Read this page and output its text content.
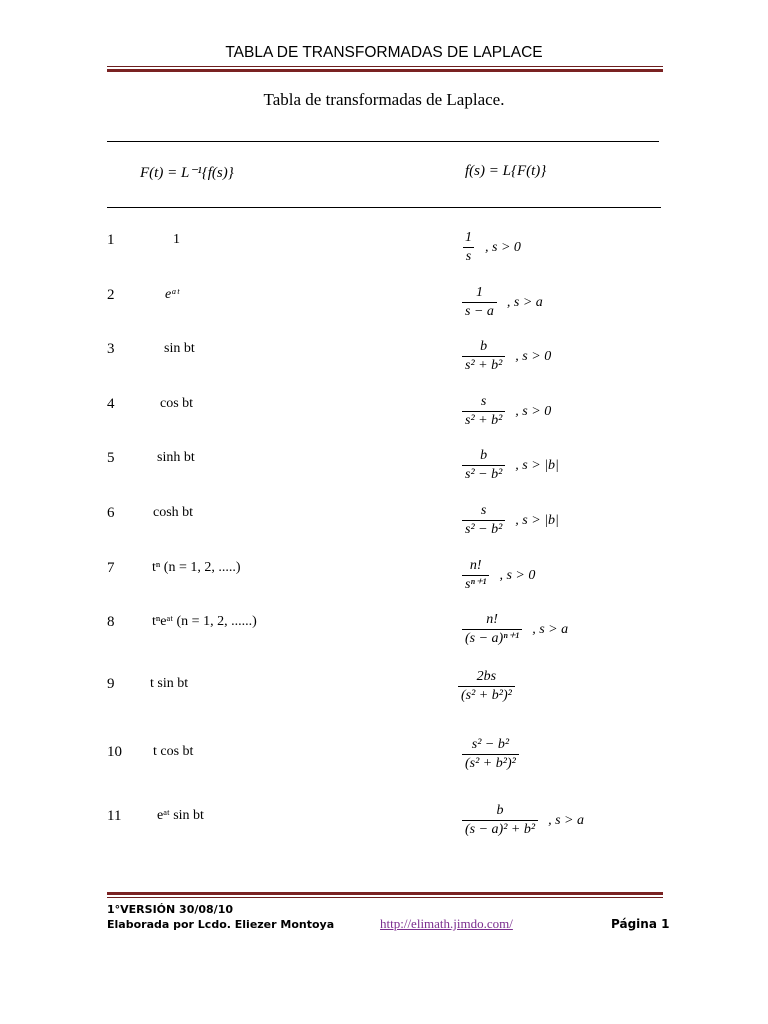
TABLA DE TRANSFORMADAS DE LAPLACE
Tabla de transformadas de Laplace.
F(t) = L⁻¹{f(s)}	f(s) = L{F(t)}
1	1	$\frac{1}{s}$ , s > 0
2	eᵃᵗ	$\frac{1}{s - a}$ , s > a
3	sin bt	$\frac{b}{\text{s² + b²}}$ , s > 0
4	cos bt	$\frac{s}{\text{s² + b²}}$ , s > 0
5	sinh bt	$\frac{b}{\text{s² − b²}}$ , s > |b|
6	cosh bt	$\frac{s}{\text{s² − b²}}$ , s > |b|
7	tⁿ (n = 1, 2, .....)	$\frac{n!}{\text{sⁿ⁺¹}}$ , s > 0
8	tⁿeᵃᵗ (n = 1, 2, ......)	$\frac{n!}{\text{(s − a)ⁿ⁺¹}}$ , s > a
9	t sin bt	$\frac{2bs}{\text{(s² + b²)²}}$
10 t cos bt	$\frac{\text{s² − b²}}{\text{(s² + b²)²}}$
11	eᵃᵗ sin bt	$\frac{b}{\text{(s − a)² + b²}}$ , s > a
1°VERSIÓN 30/08/10
Elaborada por Lcdo. Eliezer Montoya	http://elimath.jimdo.com/	Página 1
